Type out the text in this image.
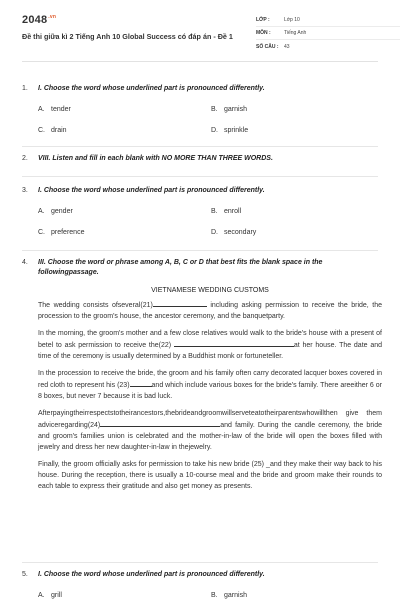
$2048^{.vn}$
Đề thi giữa kì 2 Tiếng Anh 10 Global Success có đáp án - Đề 1
LỚP :	Lớp 10
MÔN :	Tiếng Anh
SỐ CÂU :	43
1.	I. Choose the word whose underlined part is pronounced differently.
A. tender	B. garnish
C. drain	D. sprinkle
2.	VIII. Listen and fill in each blank with NO MORE THAN THREE WORDS.
3.	I. Choose the word whose underlined part is pronounced differently.
A. gender	B. enroll
C. preference	D. secondary
4.	III. Choose the word or phrase among A, B, C or D that best fits the blank space in the followingpassage.
VIETNAMESE WEDDING CUSTOMS

The wedding consists ofseveral(21)	including asking permission to receive the bride, the procession to the groom's house, the ancestor ceremony, and the banquetparty.

In the morning, the groom's mother and a few close relatives would walk to the bride's house with a present of betel to ask permission to receive the(22)	at her house. The date and time of the ceremony is usually determined by a Buddhist monk or fortuneteller.

In the procession to receive the bride, the groom and his family often carry decorated lacquer boxes covered in red cloth to represent his (23)	and which include various boxes for the bride's family. There areeither 6 or 8 boxes, but never 7 because it is bad luck.

Afterpayingtheirrespectstotheirancestors,thebrideandgroomwillserveteatotheirparentswhowillthen give them adviceregarding(24)	and family. During the candle ceremony, the bride and groom's families union is celebrated and the mother-in-law of the bride will open the boxes filled with jewelry and dress her new daughter-in-law in thejewelry.

Finally, the groom officially asks for permission to take his new bride (25) _and they make their way back to his house. During the reception, there is usually a 10-course meal and the bride and groom make their rounds to each table to express their gratitude and also get money as presents.

5.	I. Choose the word whose underlined part is pronounced differently.
A. grill	B. garnish
